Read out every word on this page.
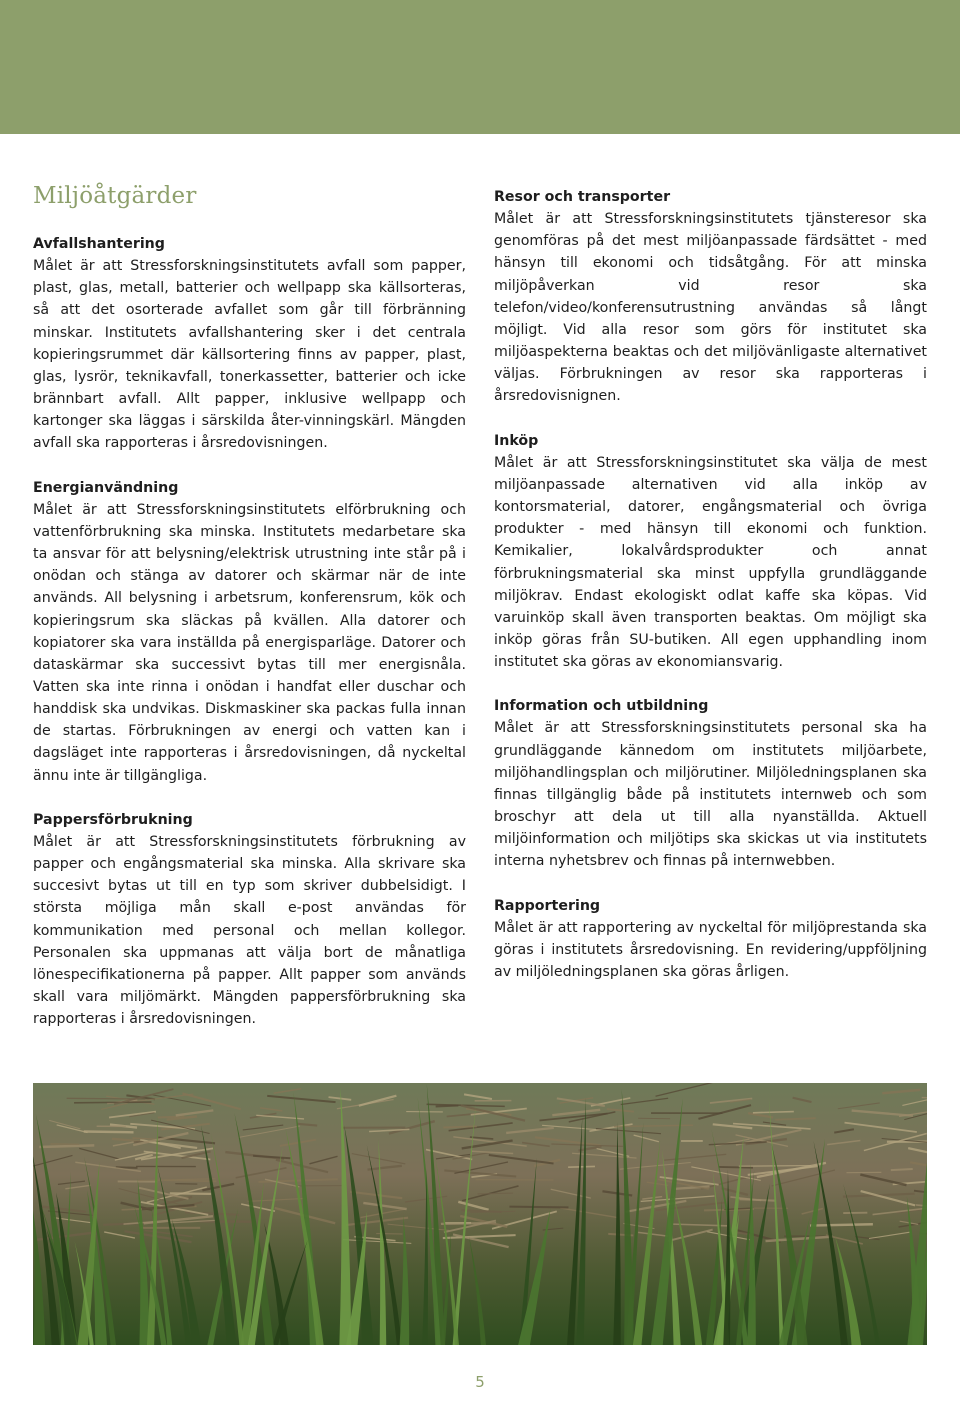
Miljöåtgärder
Avfallshantering

Målet är att Stressforskningsinstitutets avfall som papper, plast, glas, metall, batterier och wellpapp ska källsorteras, så att det osorterade avfallet som går till förbränning minskar. Institutets avfallshantering sker i det centrala kopieringsrummet där källsortering finns av papper, plast, glas, lysrör, teknikavfall, tonerkassetter, batterier och icke brännbart avfall. Allt papper, inklusive wellpapp och kartonger ska läggas i särskilda åter-vinningskärl. Mängden avfall ska rapporteras i årsredovisningen.

Energianvändning

Målet är att Stressforskningsinstitutets elförbrukning och vattenförbrukning ska minska. Institutets medarbetare ska ta ansvar för att belysning/elektrisk utrustning inte står på i onödan och stänga av datorer och skärmar när de inte används. All belysning i arbetsrum, konferensrum, kök och kopieringsrum ska släckas på kvällen. Alla datorer och kopiatorer ska vara inställda på energisparläge. Datorer och dataskärmar ska successivt bytas till mer energisnåla. Vatten ska inte rinna i onödan i handfat eller duschar och handdisk ska undvikas. Diskmaskiner ska packas fulla innan de startas. Förbrukningen av energi och vatten kan i dagsläget inte rapporteras i årsredovisningen, då nyckeltal ännu inte är tillgängliga.

Pappersförbrukning

Målet är att Stressforskningsinstitutets förbrukning av papper och engångsmaterial ska minska. Alla skrivare ska succesivt bytas ut till en typ som skriver dubbelsidigt. I största möjliga mån skall e-post användas för kommunikation med personal och mellan kollegor. Personalen ska uppmanas att välja bort de månatliga lönespecifikationerna på papper. Allt papper som används skall vara miljömärkt. Mängden pappersförbrukning ska rapporteras i årsredovisningen.

Resor och transporter

Målet är att Stressforskningsinstitutets tjänsteresor ska genomföras på det mest miljöanpassade färdsättet - med hänsyn till ekonomi och tidsåtgång. För att minska miljöpåverkan vid resor ska telefon/video/konferensutrustning användas så långt möjligt. Vid alla resor som görs för institutet ska miljöaspekterna beaktas och det miljövänligaste alternativet väljas. Förbrukningen av resor ska rapporteras i årsredovisnignen.

Inköp

Målet är att Stressforskningsinstitutet ska välja de mest miljöanpassade alternativen vid alla inköp av kontorsmaterial, datorer, engångsmaterial och övriga produkter - med hänsyn till ekonomi och funktion. Kemikalier, lokalvårdsprodukter och annat förbrukningsmaterial ska minst uppfylla grundläggande miljökrav. Endast ekologiskt odlat kaffe ska köpas. Vid varuinköp skall även transporten beaktas. Om möjligt ska inköp göras från SU-butiken. All egen upphandling inom institutet ska göras av ekonomiansvarig.

Information och utbildning

Målet är att Stressforskningsinstitutets personal ska ha grundläggande kännedom om institutets miljöarbete, miljöhandlingsplan och miljörutiner. Miljöledningsplanen ska finnas tillgänglig både på institutets internweb och som broschyr att dela ut till alla nyanställda. Aktuell miljöinformation och miljötips ska skickas ut via institutets interna nyhetsbrev och finnas på internwebben.

Rapportering

Målet är att rapportering av nyckeltal för miljöprestanda ska göras i institutets årsredovisning. En revidering/uppföljning av miljöledningsplanen ska göras årligen.

5
